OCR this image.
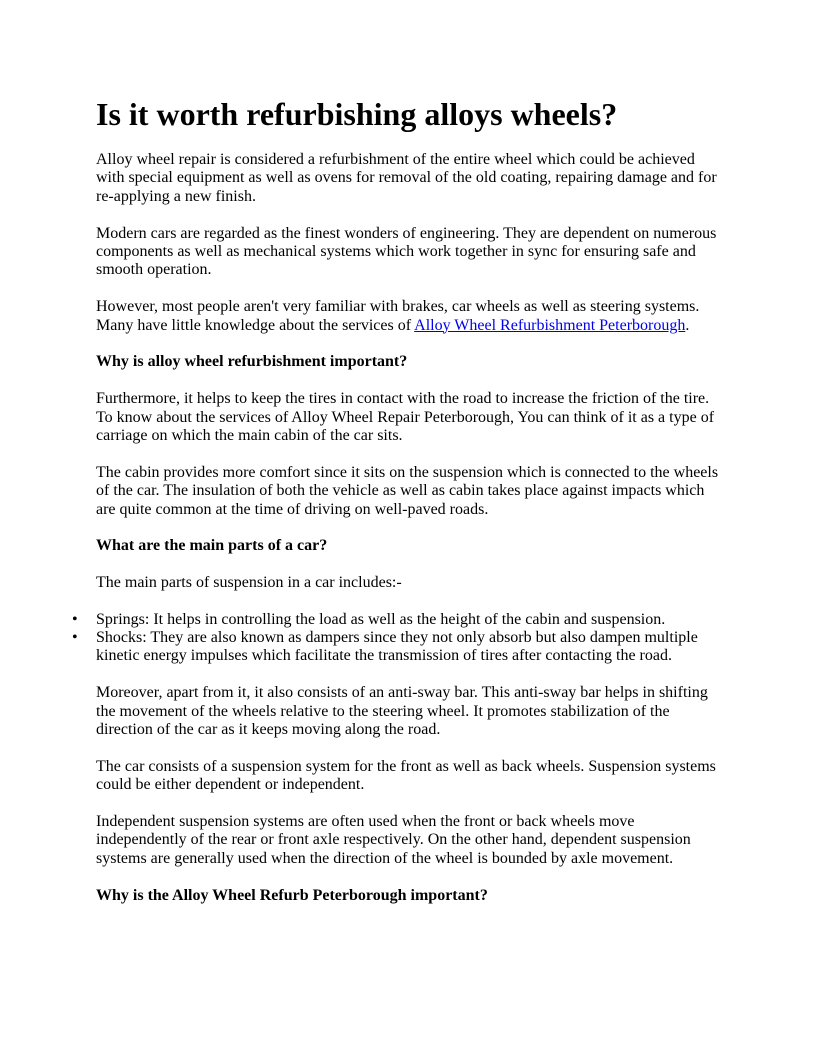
Is it worth refurbishing alloys wheels?

Alloy wheel repair is considered a refurbishment of the entire wheel which could be achieved with special equipment as well as ovens for removal of the old coating, repairing damage and for re-applying a new finish.

Modern cars are regarded as the finest wonders of engineering. They are dependent on numerous components as well as mechanical systems which work together in sync for ensuring safe and smooth operation.

However, most people aren't very familiar with brakes, car wheels as well as steering systems. Many have little knowledge about the services of Alloy Wheel Refurbishment Peterborough.

Why is alloy wheel refurbishment important?

Furthermore, it helps to keep the tires in contact with the road to increase the friction of the tire. To know about the services of Alloy Wheel Repair Peterborough, You can think of it as a type of carriage on which the main cabin of the car sits.

The cabin provides more comfort since it sits on the suspension which is connected to the wheels of the car. The insulation of both the vehicle as well as cabin takes place against impacts which are quite common at the time of driving on well-paved roads.

What are the main parts of a car?

The main parts of suspension in a car includes:-

• Springs: It helps in controlling the load as well as the height of the cabin and suspension.
• Shocks: They are also known as dampers since they not only absorb but also dampen multiple kinetic energy impulses which facilitate the transmission of tires after contacting the road.

Moreover, apart from it, it also consists of an anti-sway bar. This anti-sway bar helps in shifting the movement of the wheels relative to the steering wheel. It promotes stabilization of the direction of the car as it keeps moving along the road.

The car consists of a suspension system for the front as well as back wheels. Suspension systems could be either dependent or independent.

Independent suspension systems are often used when the front or back wheels move independently of the rear or front axle respectively. On the other hand, dependent suspension systems are generally used when the direction of the wheel is bounded by axle movement.

Why is the Alloy Wheel Refurb Peterborough important?
